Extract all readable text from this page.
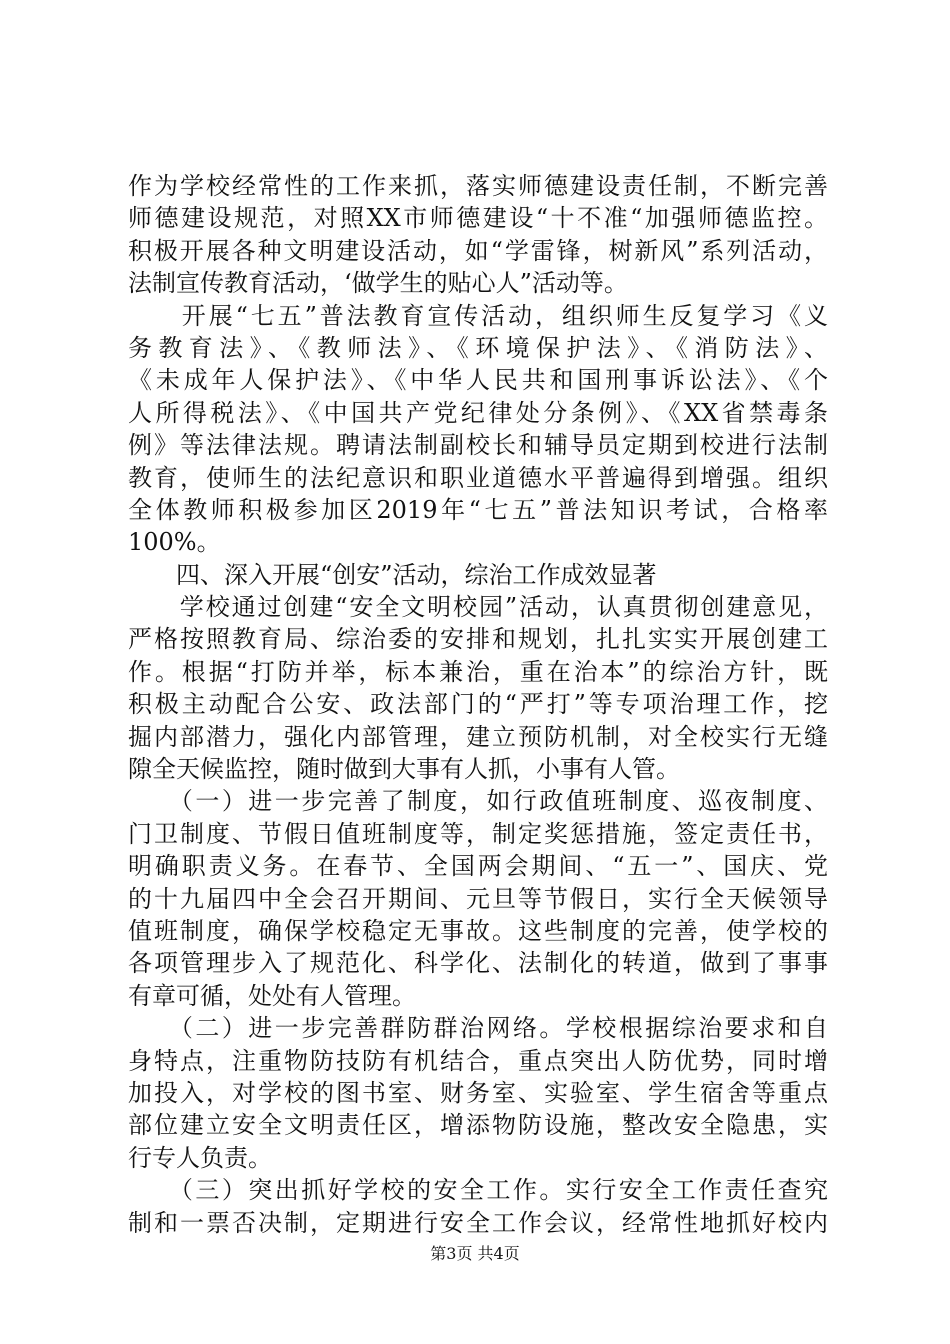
作为学校经常性的工作来抓，落实师德建设责任制，不断完善
师德建设规范，对照XX市师德建设“十不准“加强师德监控。
积极开展各种文明建设活动，如“学雷锋，树新风”系列活动，
法制宣传教育活动，‘做学生的贴心人”活动等。
　　开展“七五”普法教育宣传活动，组织师生反复学习《义
务教育法》、《教师法》、《环境保护法》、《消防法》、
《未成年人保护法》、《中华人民共和国刑事诉讼法》、《个
人所得税法》、《中国共产党纪律处分条例》、《XX省禁毒条
例》等法律法规。聘请法制副校长和辅导员定期到校进行法制
教育，使师生的法纪意识和职业道德水平普遍得到增强。组织
全体教师积极参加区2019年“七五”普法知识考试，合格率
100%。
　　四、深入开展“创安”活动，综治工作成效显著
　　学校通过创建“安全文明校园”活动，认真贯彻创建意见，
严格按照教育局、综治委的安排和规划，扎扎实实开展创建工
作。根据“打防并举，标本兼治，重在治本”的综治方针，既
积极主动配合公安、政法部门的“严打”等专项治理工作，挖
掘内部潜力，强化内部管理，建立预防机制，对全校实行无缝
隙全天候监控，随时做到大事有人抓，小事有人管。
　　（一）进一步完善了制度，如行政值班制度、巡夜制度、
门卫制度、节假日值班制度等，制定奖惩措施，签定责任书，
明确职责义务。在春节、全国两会期间、“五一”、国庆、党
的十九届四中全会召开期间、元旦等节假日，实行全天候领导
值班制度，确保学校稳定无事故。这些制度的完善，使学校的
各项管理步入了规范化、科学化、法制化的转道，做到了事事
有章可循，处处有人管理。
　　（二）进一步完善群防群治网络。学校根据综治要求和自
身特点，注重物防技防有机结合，重点突出人防优势，同时增
加投入，对学校的图书室、财务室、实验室、学生宿舍等重点
部位建立安全文明责任区，增添物防设施，整改安全隐患，实
行专人负责。
　　（三）突出抓好学校的安全工作。实行安全工作责任查究
制和一票否决制，定期进行安全工作会议，经常性地抓好校内
第3页 共4页
